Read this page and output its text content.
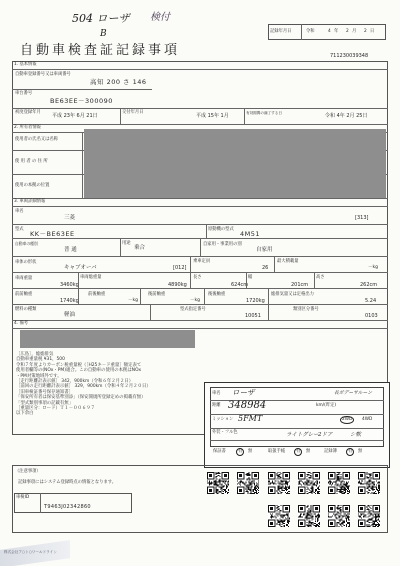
504 ローザ 検付
B	記録年月日	令和	4 年 2 月 2 日
自動車検査証記録事項	711230039348
1. 基本情報
自動車登録番号又は車両番号
高知 200 さ 146
車台番号
BE63EE－300090
初度登録年月
平成 23年 6月 21日
交付年月日
平成 15年 1月	有効期間の満了する日	令和 4年 2月 25日
2. 所有者情報
使用者の氏名又は名称
使 用 者 の 住 所
使用の本拠の位置
3. 車両詳細情報
車名
三菱	[313]
型式
KK－BE63EE
原動機の型式
4M51
自動車の種別
普 通
用途
乗合
自家用・事業用の別
自家用
車体の形状
キャブオーバ	[012]
乗車定員
26
最大積載量
－kg
車両重量
3460kg
車両総重量
4890kg
長さ
624cm
幅
201cm
高さ
262cm
前前軸重
1740kg
前後軸重
－kg
後前軸重
－kg
後後軸重
1720kg
総排気量又は定格出力
5.24
燃料の種類
軽油
型式指定番号
10051
類別区分番号
0103
4. 備考
［広島］，総総排気
自動車重量税 ¥31，500
令和７年度よりカーボン税重量税（［H25キ－ド重量］額定表て
使用者欄等の(NOx・PM)適合。この自動車の使用の本拠はNOx
・PM対策地域外です。
［走行距離計表示値］ 342，900km（令和６年２月２日）
［前回の走行距離計表示値］ 329，900km（令和４年２月２０日）
［旧車検証番号保存通知書］
「保安所有者は保安基準別添」（保安開規所登録定めの掲載有無）
「型式類別事項の記載有無」
［重量区分：ロード）Ｔ１－００６９７
以下余白
車名 ローザ	長ボデーサルーン
距離 348984	km/(昨定)
ミッション 5FMT	2WD 4WD
外装・フル色	ライトグレー 2ドア	シ軟
保証書	有 無	取扱手帳	有 無	記録簿	有 無
（注意事項）
記録事項にはシステム登録時点の情報となります。
車検ID
T9463J02342860
株式会社ア○ト○ワールドライン
